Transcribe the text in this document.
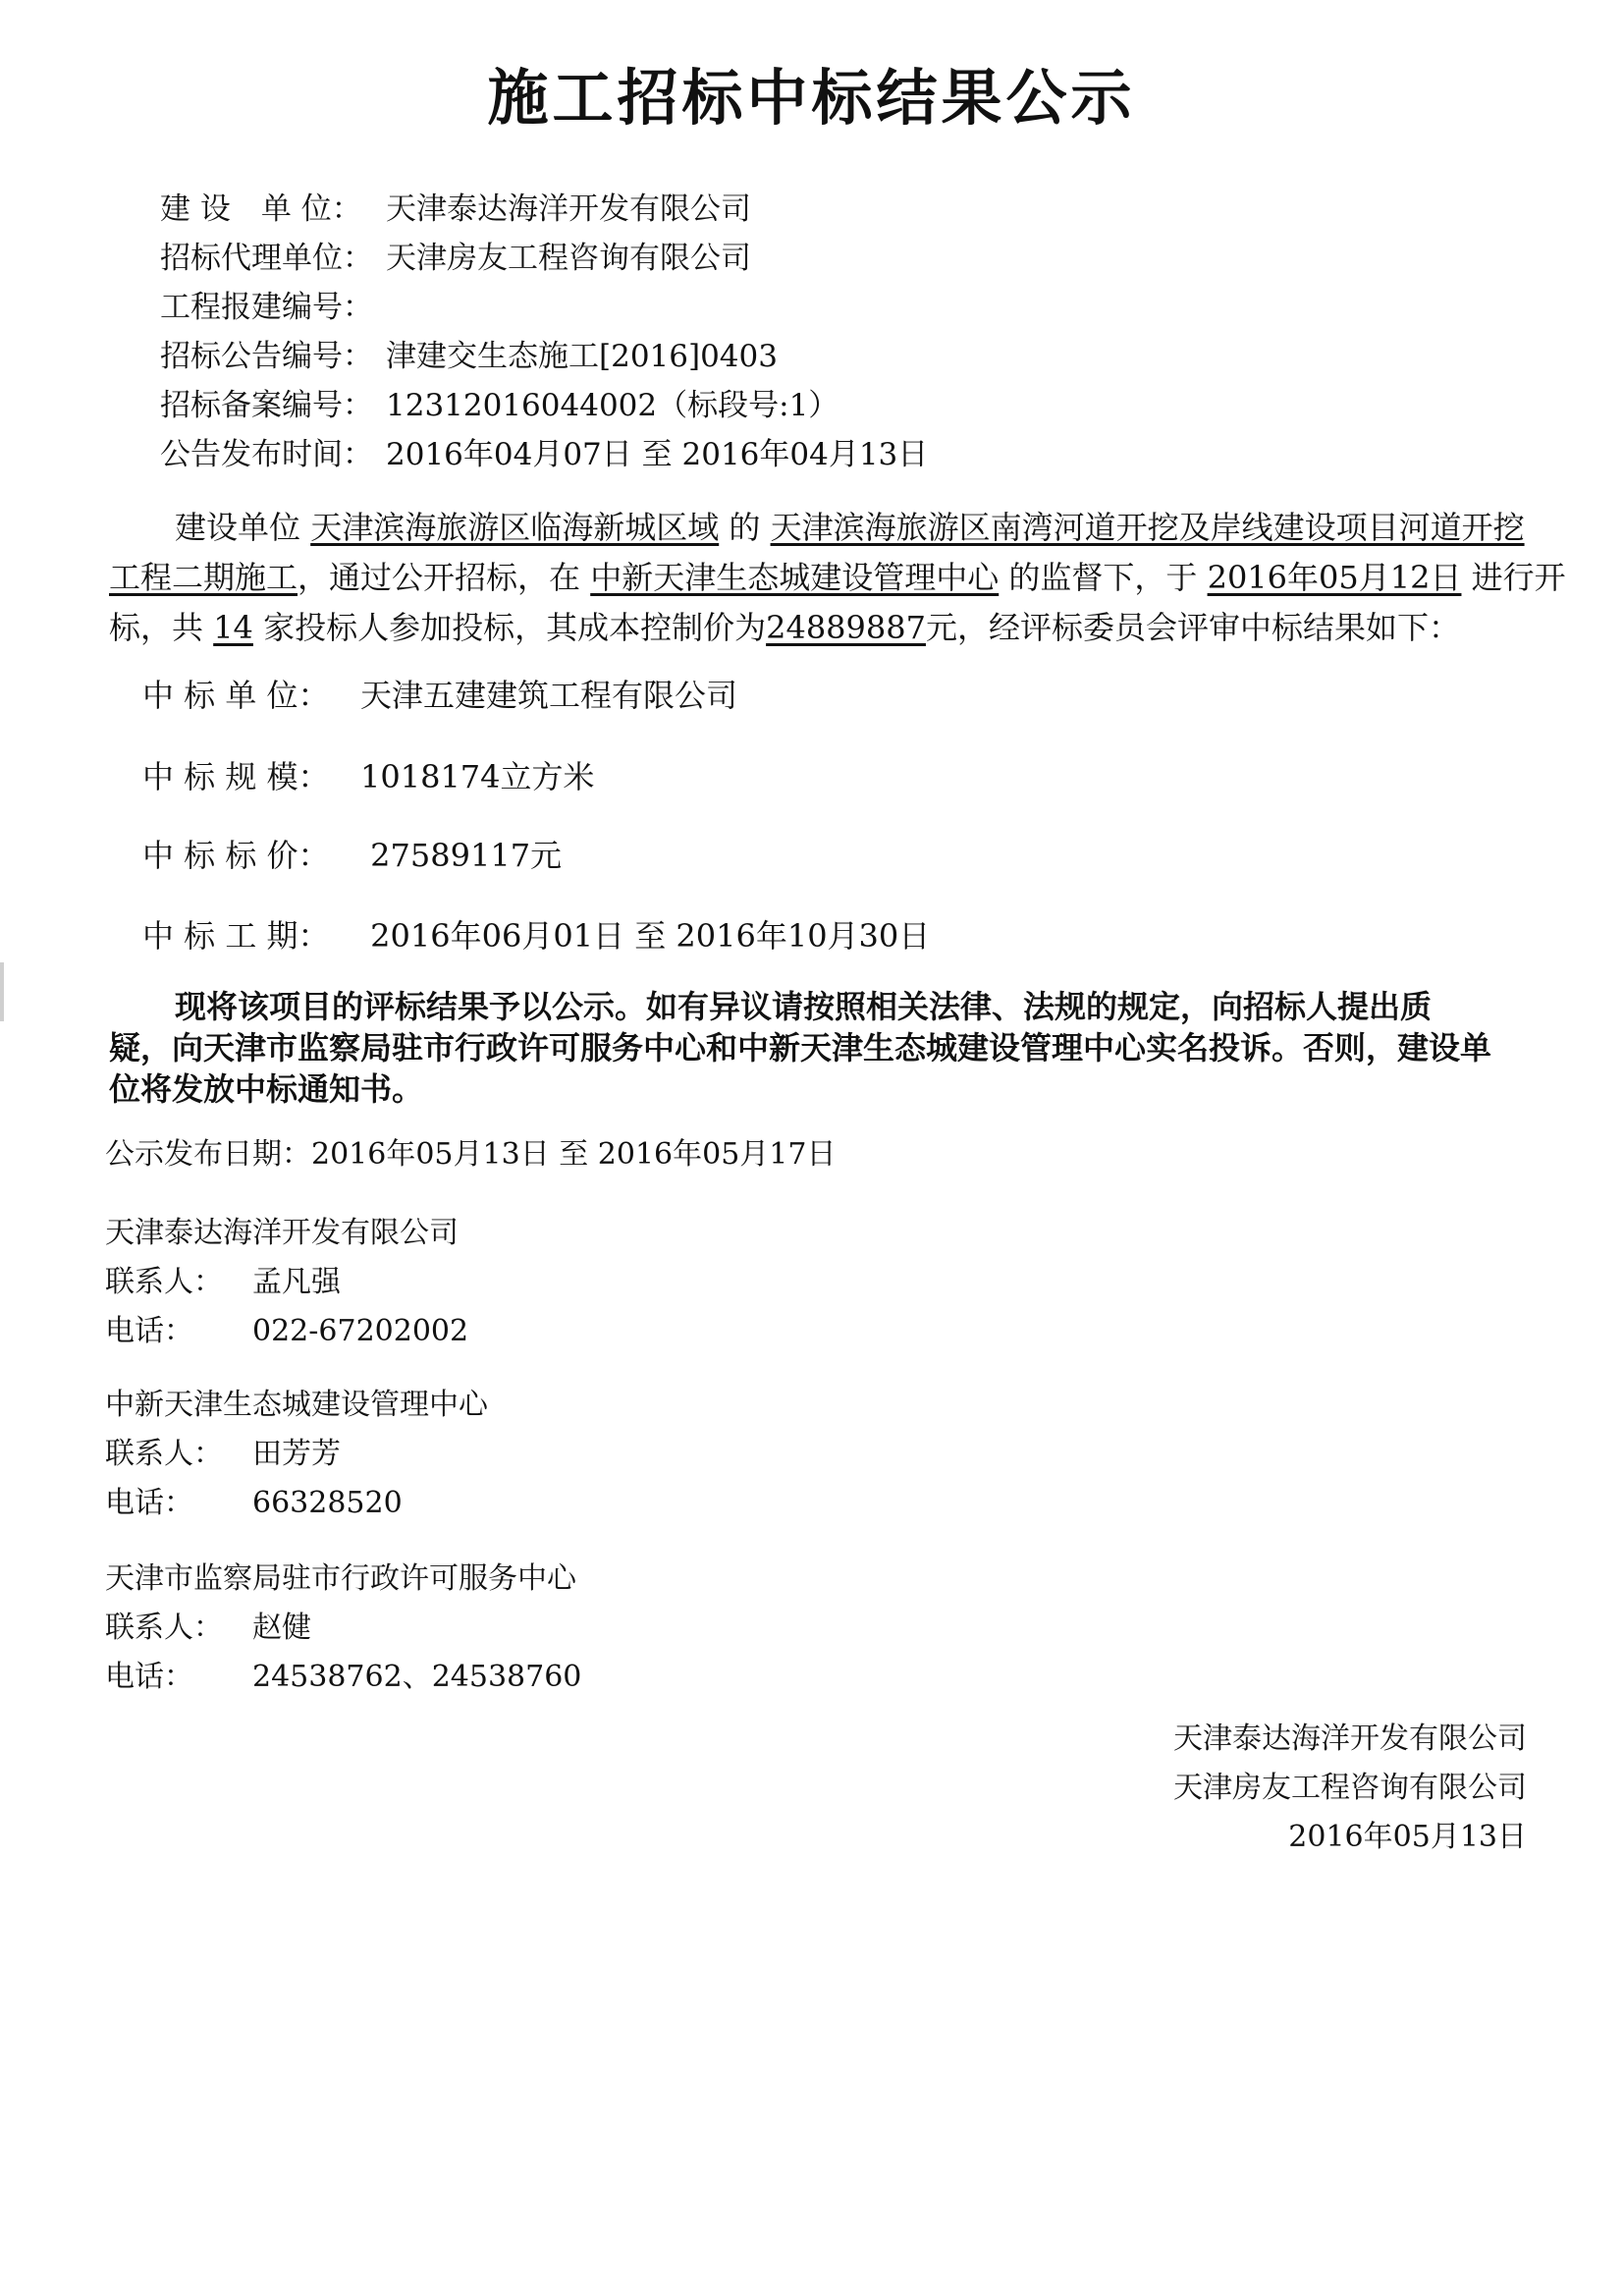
施工招标中标结果公示
建 设　单 位： 天津泰达海洋开发有限公司
招标代理单位： 天津房友工程咨询有限公司
工程报建编号：
招标公告编号： 津建交生态施工[2016]0403
招标备案编号： 12312016044002（标段号:1）
公告发布时间： 2016年04月07日 至 2016年04月13日
建设单位 天津滨海旅游区临海新城区域 的 天津滨海旅游区南湾河道开挖及岸线建设项目河道开挖
工程二期施工，通过公开招标，在 中新天津生态城建设管理中心 的监督下，于 2016年05月12日 进行开
标，共 14 家投标人参加投标，其成本控制价为24889887元，经评标委员会评审中标结果如下：
中 标 单 位： 天津五建建筑工程有限公司
中 标 规 模： 1018174立方米
中 标 标 价： 27589117元
中 标 工 期： 2016年06月01日 至 2016年10月30日
现将该项目的评标结果予以公示。如有异议请按照相关法律、法规的规定，向招标人提出质
疑，向天津市监察局驻市行政许可服务中心和中新天津生态城建设管理中心实名投诉。否则，建设单
位将发放中标通知书。
公示发布日期：2016年05月13日 至 2016年05月17日
天津泰达海洋开发有限公司
联系人： 孟凡强
电话： 022-67202002
中新天津生态城建设管理中心
联系人： 田芳芳
电话： 66328520
天津市监察局驻市行政许可服务中心
联系人： 赵健
电话： 24538762、24538760
天津泰达海洋开发有限公司
天津房友工程咨询有限公司
2016年05月13日
